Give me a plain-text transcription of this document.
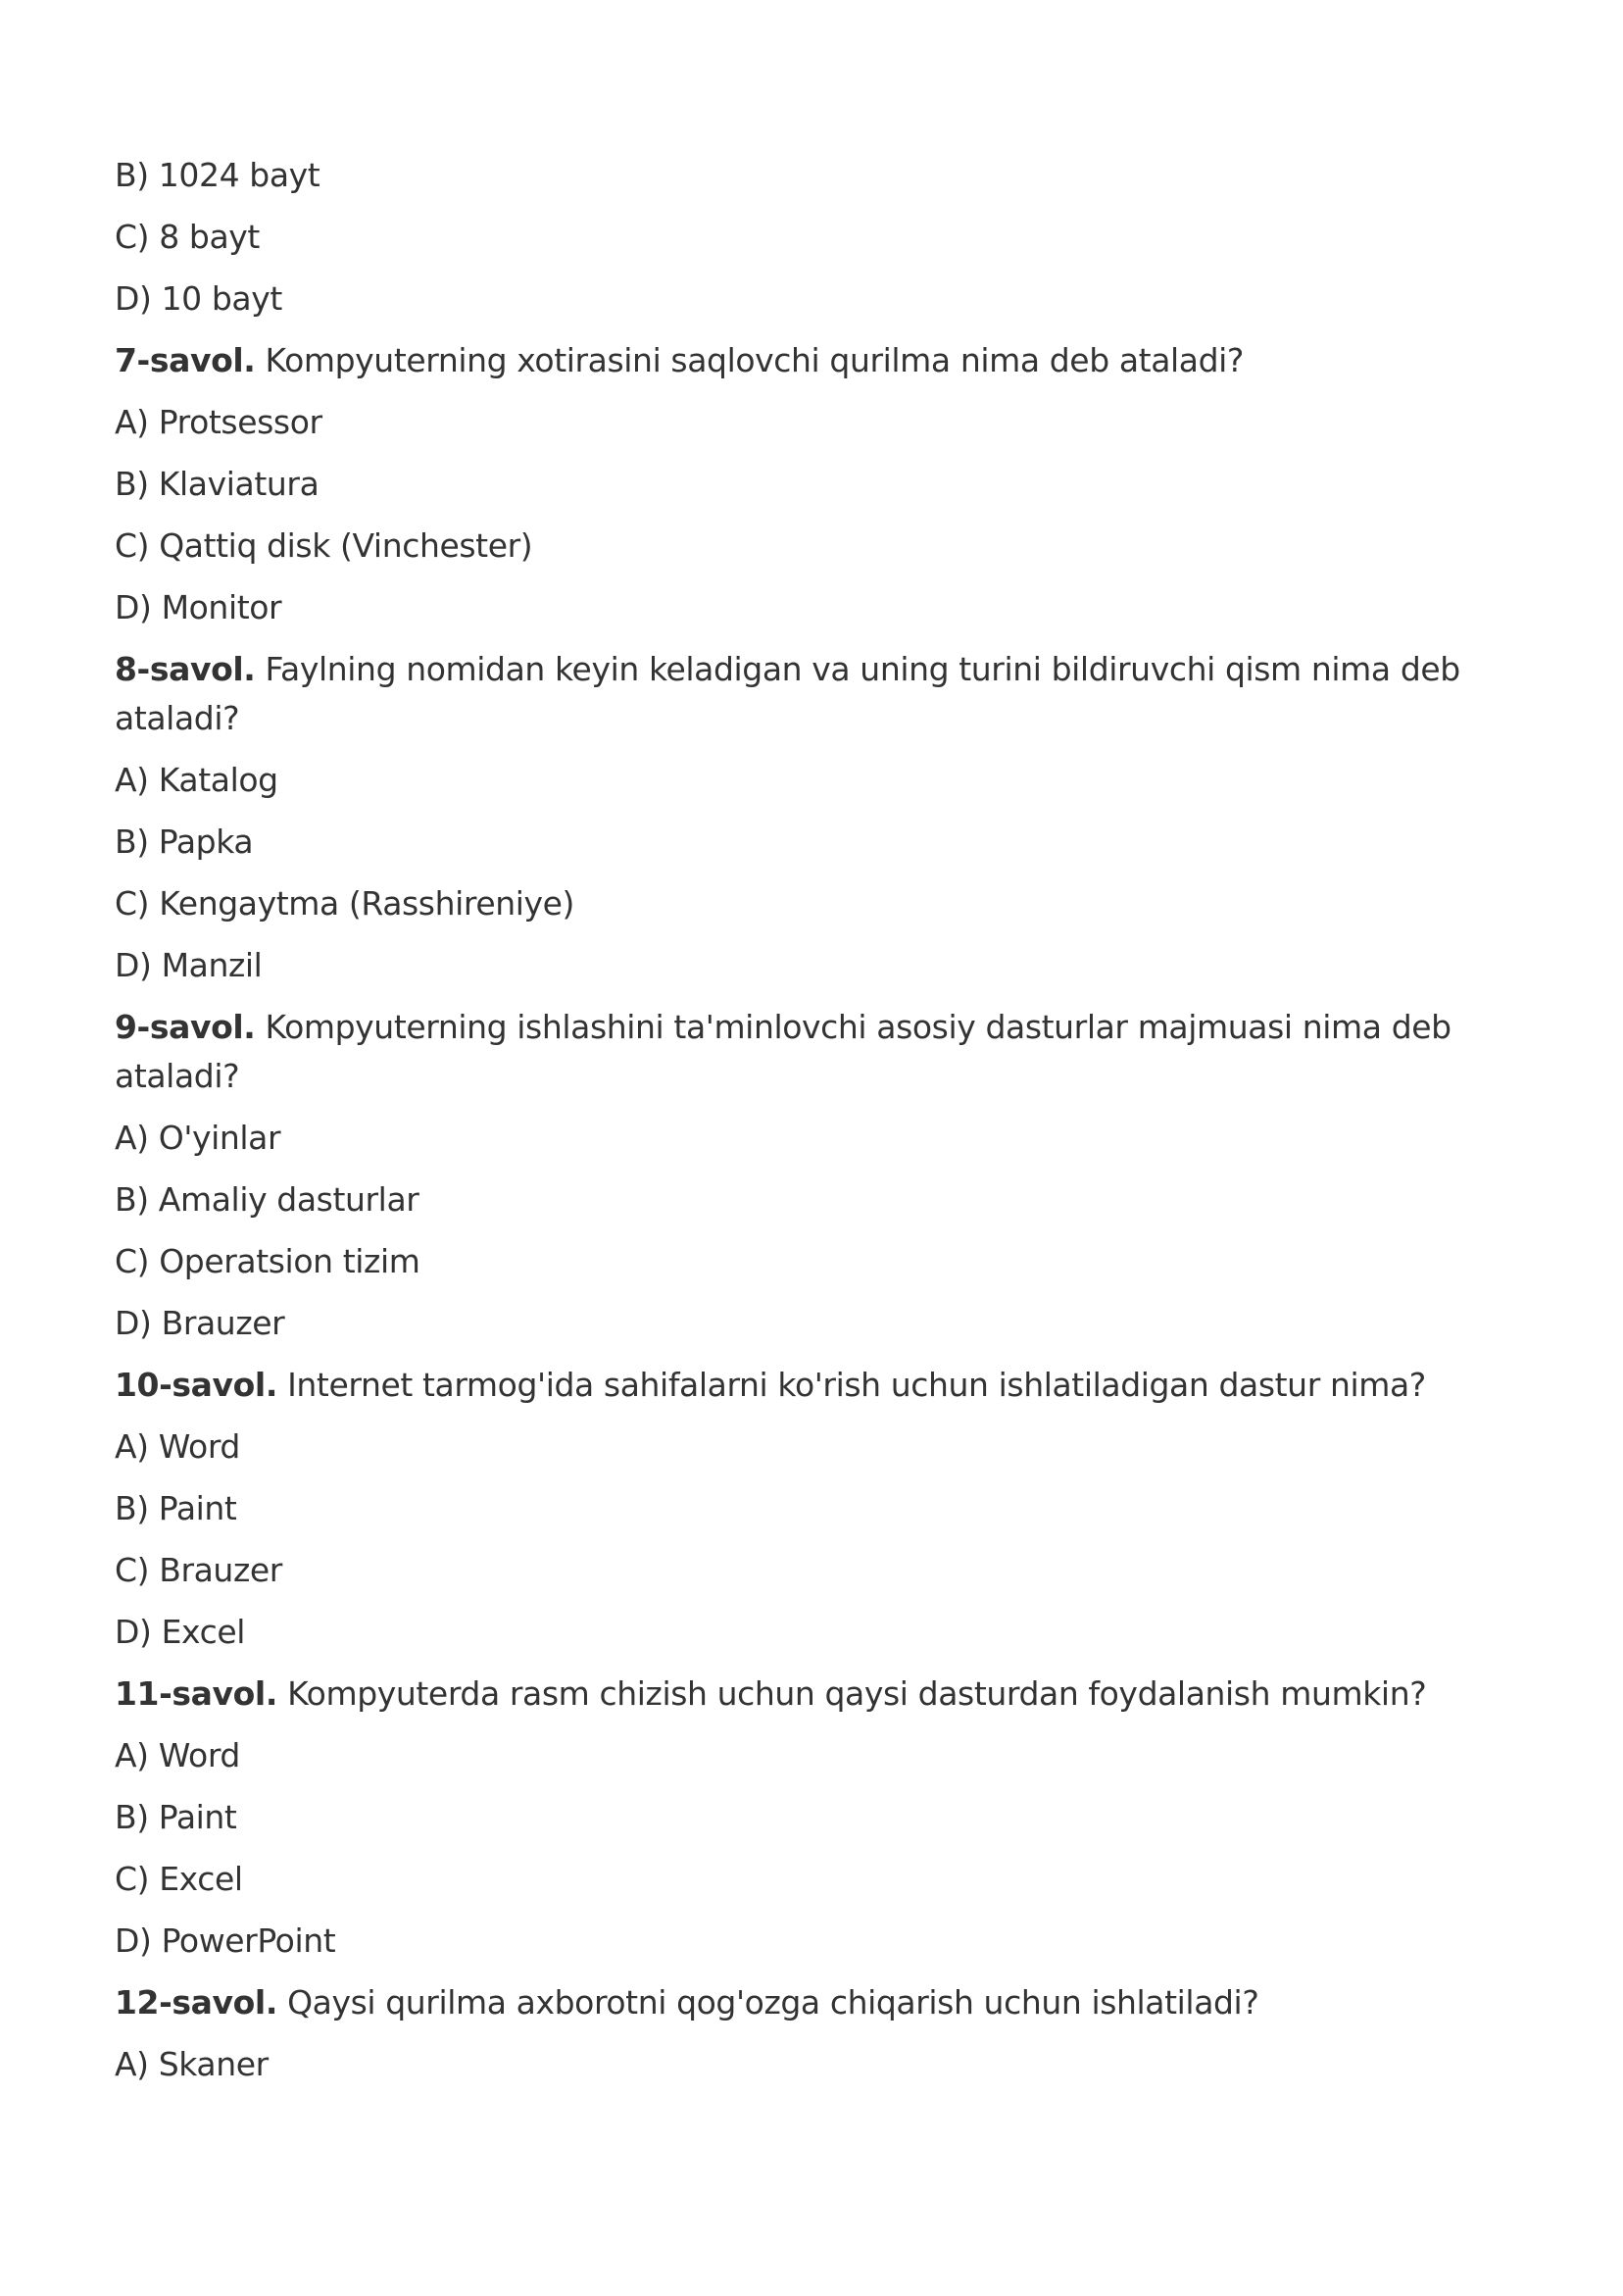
B) 1024 bayt
C) 8 bayt
D) 10 bayt
7-savol. Kompyuterning xotirasini saqlovchi qurilma nima deb ataladi?
A) Protsessor
B) Klaviatura
C) Qattiq disk (Vinchester)
D) Monitor
8-savol. Faylning nomidan keyin keladigan va uning turini bildiruvchi qism nima deb
ataladi?
A) Katalog
B) Papka
C) Kengaytma (Rasshireniye)
D) Manzil
9-savol. Kompyuterning ishlashini ta'minlovchi asosiy dasturlar majmuasi nima deb
ataladi?
A) O'yinlar
B) Amaliy dasturlar
C) Operatsion tizim
D) Brauzer
10-savol. Internet tarmog'ida sahifalarni ko'rish uchun ishlatiladigan dastur nima?
A) Word
B) Paint
C) Brauzer
D) Excel
11-savol. Kompyuterda rasm chizish uchun qaysi dasturdan foydalanish mumkin?
A) Word
B) Paint
C) Excel
D) PowerPoint
12-savol. Qaysi qurilma axborotni qog'ozga chiqarish uchun ishlatiladi?
A) Skaner
